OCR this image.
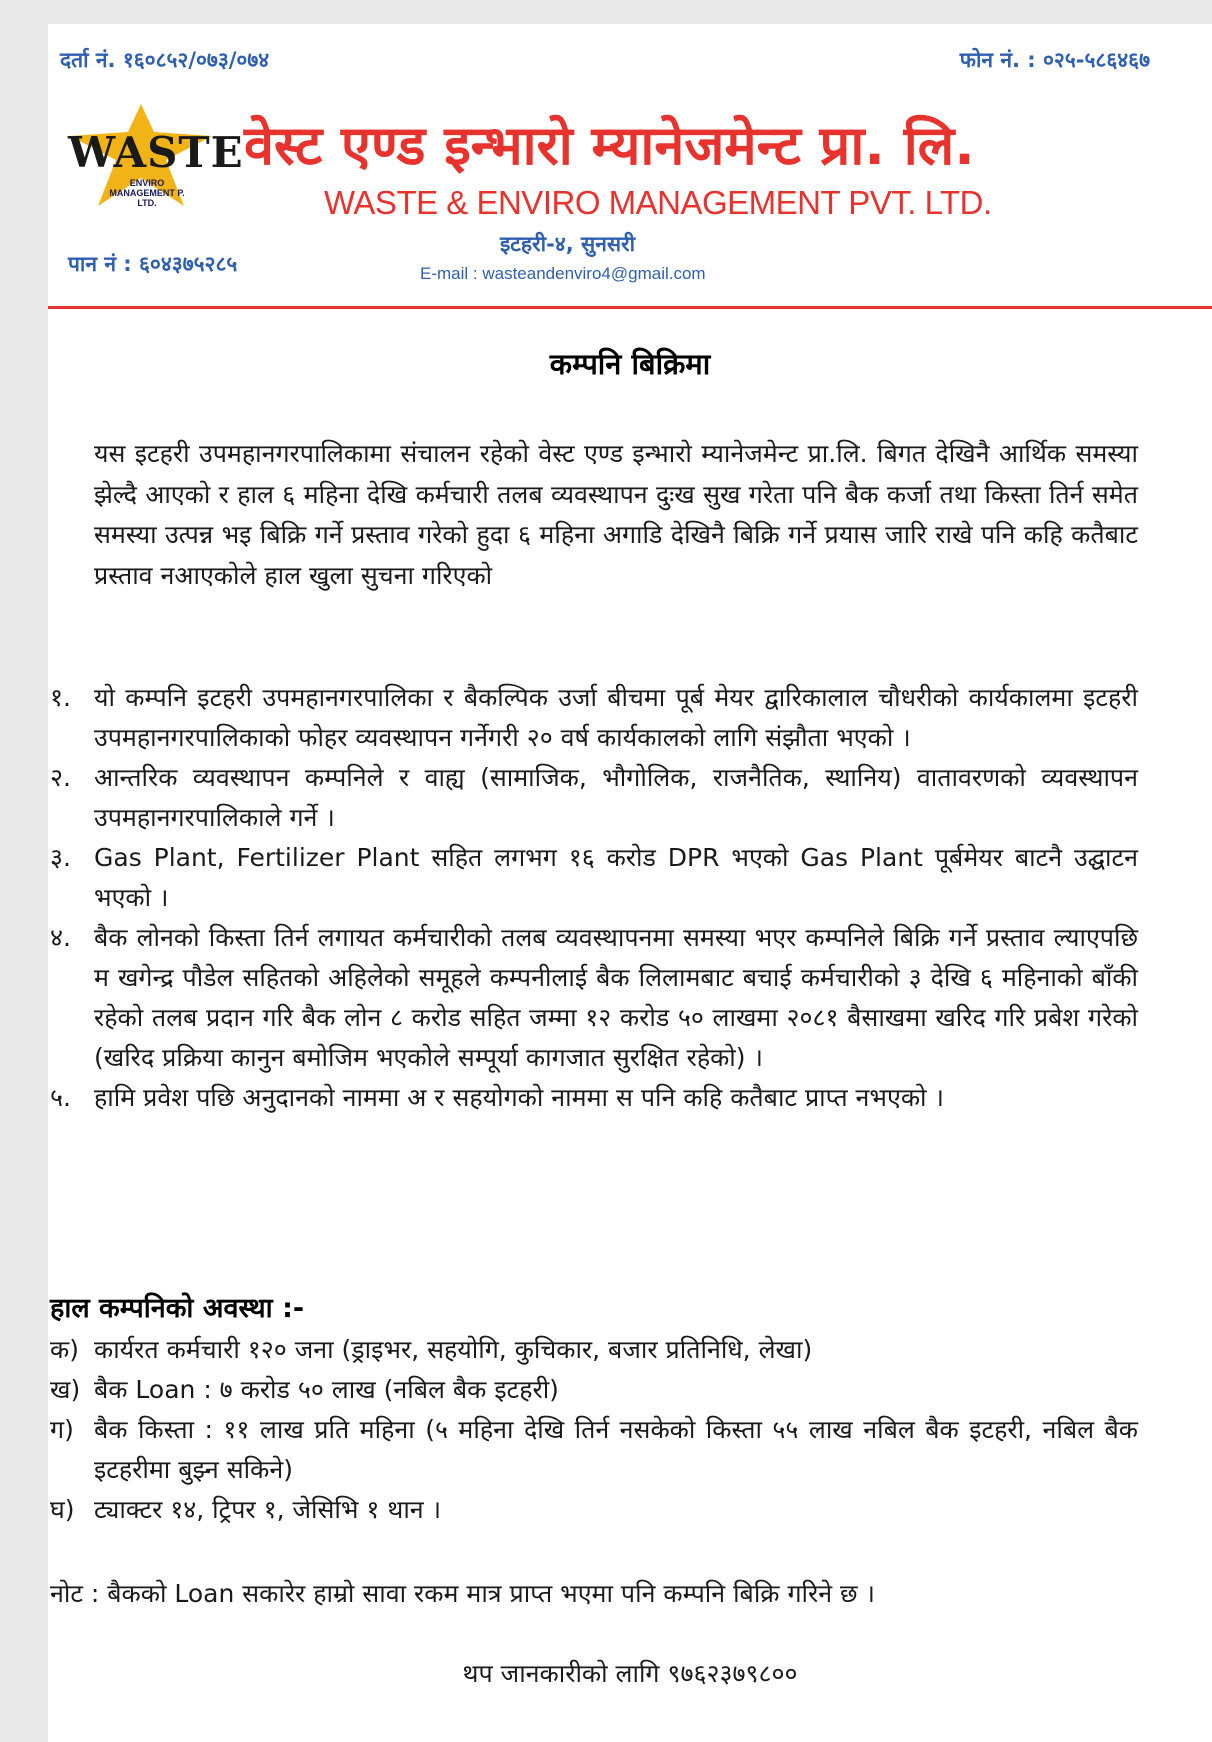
दर्ता नं. १६०८५२/०७३/०७४	फोन नं. : ०२५-५८६४६७
WASTE
ENVIRO MANAGEMENT P. LTD.
वेस्ट एण्ड इन्भारो म्यानेजमेन्ट प्रा. लि.
WASTE & ENVIRO MANAGEMENT PVT. LTD.
इटहरी-४, सुनसरी
पान नं : ६०४३७५२८५	E-mail : wasteandenviro4@gmail.com
कम्पनि बिक्रिमा
यस इटहरी उपमहानगरपालिकामा संचालन रहेको वेस्ट एण्ड इन्भारो म्यानेजमेन्ट प्रा.लि. बिगत देखिनै आर्थिक समस्या झेल्दै आएको र हाल ६ महिना देखि कर्मचारी तलब व्यवस्थापन दुःख सुख गरेता पनि बैक कर्जा तथा किस्ता तिर्न समेत समस्या उत्पन्न भइ बिक्रि गर्ने प्रस्ताव गरेको हुदा ६ महिना अगाडि देखिनै बिक्रि गर्ने प्रयास जारि राखे पनि कहि कतैबाट प्रस्ताव नआएकोले हाल खुला सुचना गरिएको
१. यो कम्पनि इटहरी उपमहानगरपालिका र बैकल्पिक उर्जा बीचमा पूर्ब मेयर द्वारिकालाल चौधरीको कार्यकालमा इटहरी उपमहानगरपालिकाको फोहर व्यवस्थापन गर्नेगरी २० वर्ष कार्यकालको लागि संझौता भएको ।
२. आन्तरिक व्यवस्थापन कम्पनिले र वाह्य (सामाजिक, भौगोलिक, राजनैतिक, स्थानिय) वातावरणको व्यवस्थापन उपमहानगरपालिकाले गर्ने ।
३. Gas Plant, Fertilizer Plant सहित लगभग १६ करोड DPR भएको Gas Plant पूर्बमेयर बाटनै उद्घाटन भएको ।
४. बैक लोनको किस्ता तिर्न लगायत कर्मचारीको तलब व्यवस्थापनमा समस्या भएर कम्पनिले बिक्रि गर्ने प्रस्ताव ल्याएपछि म खगेन्द्र पौडेल सहितको अहिलेको समूहले कम्पनीलाई बैक लिलामबाट बचाई कर्मचारीको ३ देखि ६ महिनाको बाँकी रहेको तलब प्रदान गरि बैक लोन ८ करोड सहित जम्मा १२ करोड ५० लाखमा २०८१ बैसाखमा खरिद गरि प्रबेश गरेको (खरिद प्रक्रिया कानुन बमोजिम भएकोले सम्पूर्या कागजात सुरक्षित रहेको) ।
५. हामि प्रवेश पछि अनुदानको नाममा अ र सहयोगको नाममा स पनि कहि कतैबाट प्राप्त नभएको ।
हाल कम्पनिको अवस्था :-
क) कार्यरत कर्मचारी १२० जना (ड्राइभर, सहयोगि, कुचिकार, बजार प्रतिनिधि, लेखा)
ख) बैक Loan : ७ करोड ५० लाख (नबिल बैक इटहरी)
ग) बैक किस्ता : ११ लाख प्रति महिना (५ महिना देखि तिर्न नसकेको किस्ता ५५ लाख नबिल बैक इटहरी, नबिल बैक इटहरीमा बुझ्न सकिने)
घ) ट्याक्टर १४, ट्रिपर १, जेसिभि १ थान ।
नोट : बैकको Loan सकारेर हाम्रो सावा रकम मात्र प्राप्त भएमा पनि कम्पनि बिक्रि गरिने छ ।
थप जानकारीको लागि ९७६२३७९८००
